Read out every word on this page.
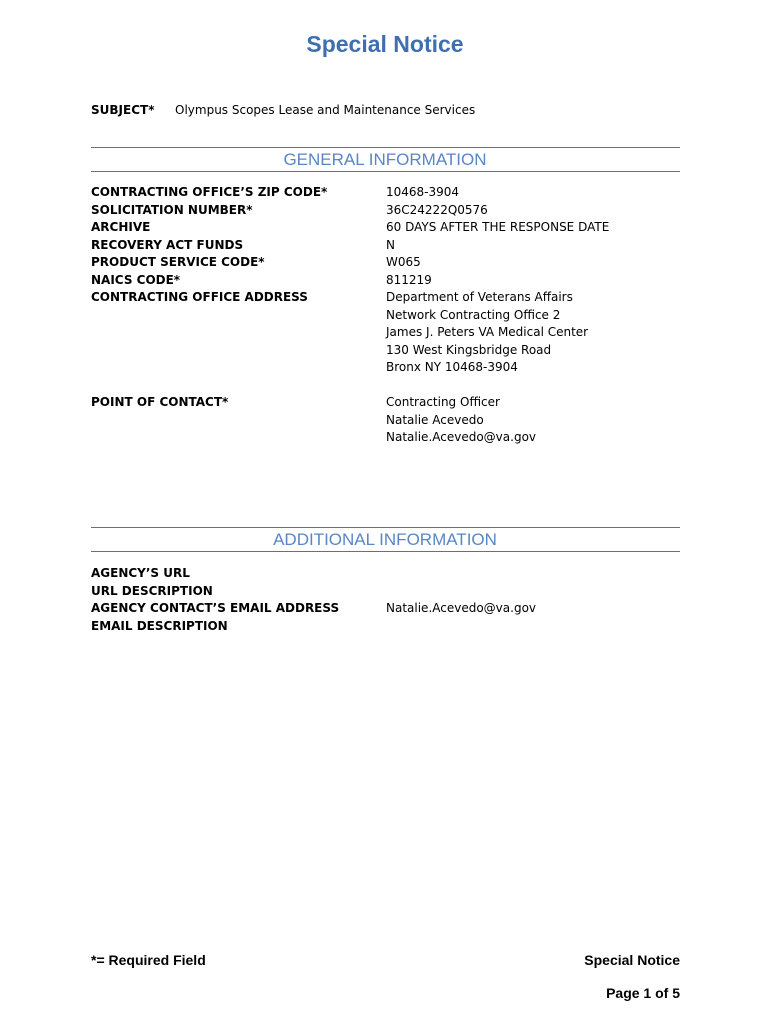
Special Notice
SUBJECT* Olympus Scopes Lease and Maintenance Services
GENERAL INFORMATION
CONTRACTING OFFICE’S ZIP CODE*	10468-3904
SOLICITATION NUMBER*	36C24222Q0576
ARCHIVE	60 DAYS AFTER THE RESPONSE DATE
RECOVERY ACT FUNDS	N
PRODUCT SERVICE CODE*	W065
NAICS CODE*	811219
CONTRACTING OFFICE ADDRESS	Department of Veterans Affairs
Network Contracting Office 2
James J. Peters VA Medical Center
130 West Kingsbridge Road
Bronx NY 10468-3904
POINT OF CONTACT*	Contracting Officer
Natalie Acevedo
Natalie.Acevedo@va.gov
ADDITIONAL INFORMATION
AGENCY’S URL
URL DESCRIPTION
AGENCY CONTACT’S EMAIL ADDRESS	Natalie.Acevedo@va.gov
EMAIL DESCRIPTION
*= Required Field	Special Notice
Page 1 of 5
